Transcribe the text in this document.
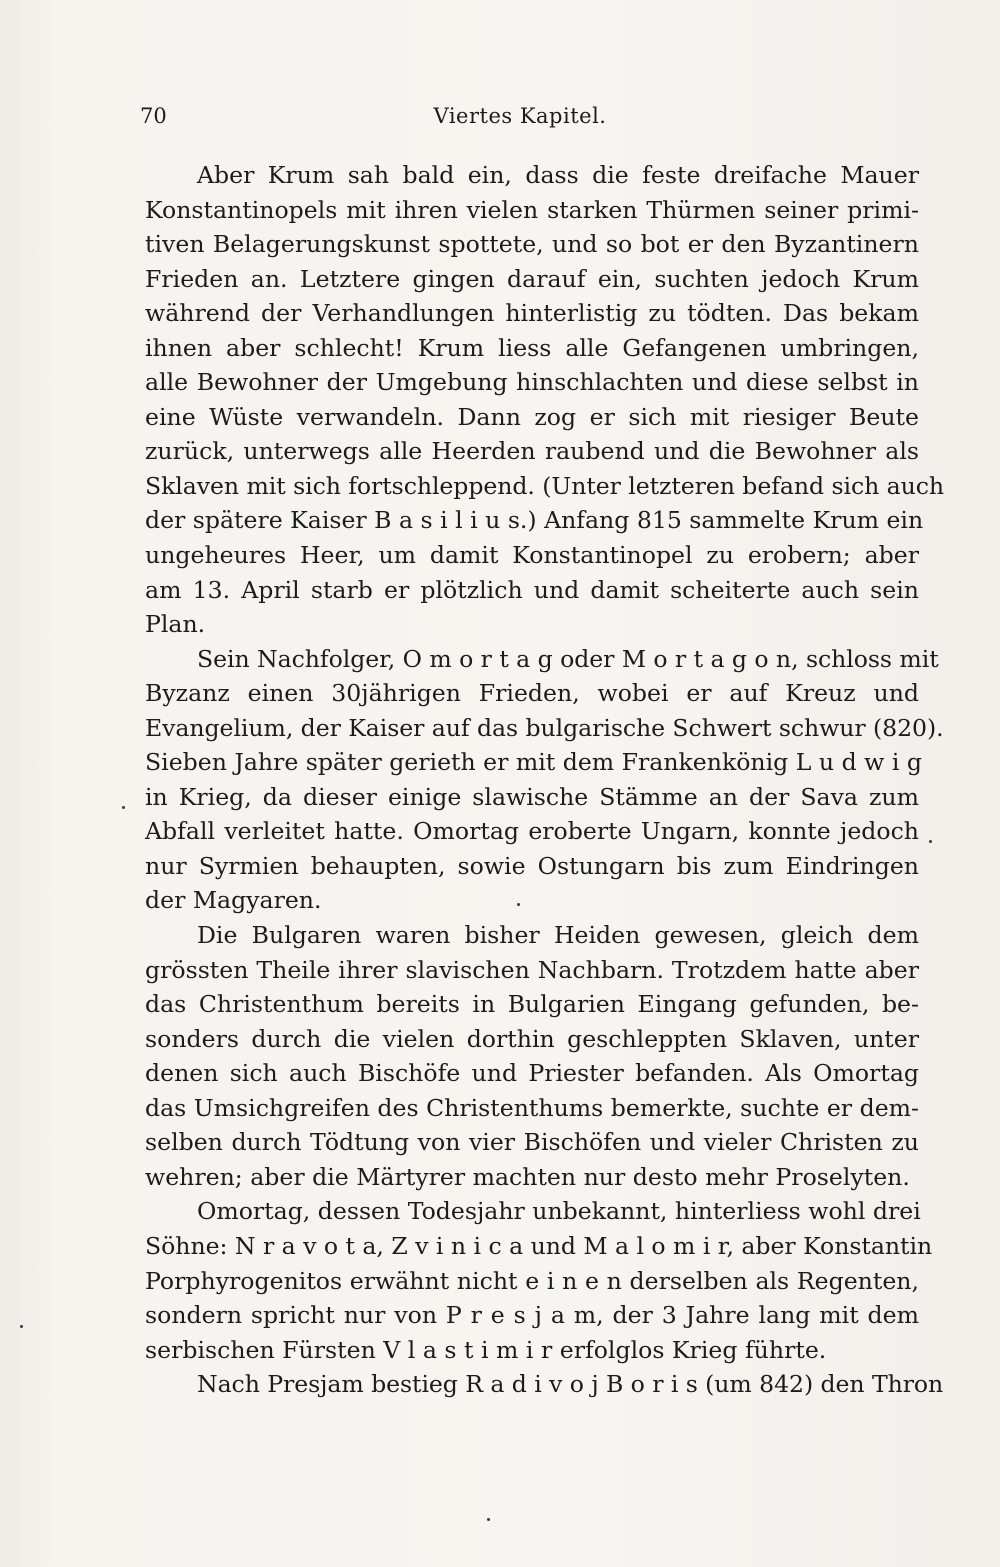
70	Viertes Kapitel.
Aber Krum sah bald ein, dass die feste dreifache Mauer
Konstantinopels mit ihren vielen starken Thürmen seiner primi-
tiven Belagerungskunst spottete, und so bot er den Byzantinern
Frieden an. Letztere gingen darauf ein, suchten jedoch Krum
während der Verhandlungen hinterlistig zu tödten. Das bekam
ihnen aber schlecht! Krum liess alle Gefangenen umbringen,
alle Bewohner der Umgebung hinschlachten und diese selbst in
eine Wüste verwandeln. Dann zog er sich mit riesiger Beute
zurück, unterwegs alle Heerden raubend und die Bewohner als
Sklaven mit sich fortschleppend. (Unter letzteren befand sich auch
der spätere Kaiser B a s i l i u s.) Anfang 815 sammelte Krum ein
ungeheures Heer, um damit Konstantinopel zu erobern; aber
am 13. April starb er plötzlich und damit scheiterte auch sein
Plan.
Sein Nachfolger, O m o r t a g oder M o r t a g o n, schloss mit
Byzanz einen 30jährigen Frieden, wobei er auf Kreuz und
Evangelium, der Kaiser auf das bulgarische Schwert schwur (820).
Sieben Jahre später gerieth er mit dem Frankenkönig L u d w i g
in Krieg, da dieser einige slawische Stämme an der Sava zum
Abfall verleitet hatte. Omortag eroberte Ungarn, konnte jedoch
nur Syrmien behaupten, sowie Ostungarn bis zum Eindringen
der Magyaren.
Die Bulgaren waren bisher Heiden gewesen, gleich dem
grössten Theile ihrer slavischen Nachbarn. Trotzdem hatte aber
das Christenthum bereits in Bulgarien Eingang gefunden, be-
sonders durch die vielen dorthin geschleppten Sklaven, unter
denen sich auch Bischöfe und Priester befanden. Als Omortag
das Umsichgreifen des Christenthums bemerkte, suchte er dem-
selben durch Tödtung von vier Bischöfen und vieler Christen zu
wehren; aber die Märtyrer machten nur desto mehr Proselyten.
Omortag, dessen Todesjahr unbekannt, hinterliess wohl drei
Söhne: N r a v o t a, Z v i n i c a und M a l o m i r, aber Konstantin
Porphyrogenitos erwähnt nicht e i n e n derselben als Regenten,
sondern spricht nur von P r e s j a m, der 3 Jahre lang mit dem
serbischen Fürsten V l a s t i m i r erfolglos Krieg führte.
Nach Presjam bestieg R a d i v o j B o r i s (um 842) den Thron
